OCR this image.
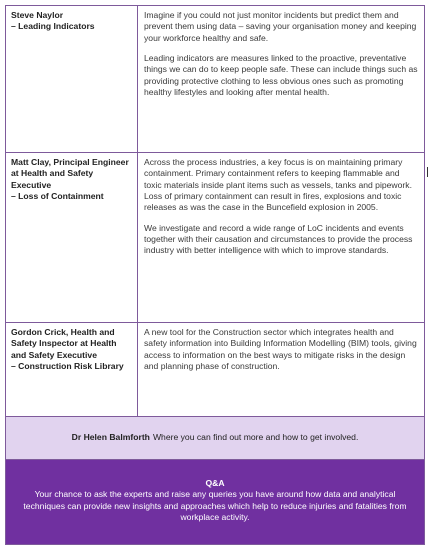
Steve Naylor
– Leading Indicators

Imagine if you could not just monitor incidents but predict them and prevent them using data – saving your organisation money and keeping your workforce healthy and safe.

Leading indicators are measures linked to the proactive, preventative things we can do to keep people safe. These can include things such as providing protective clothing to less obvious ones such as promoting healthy lifestyles and looking after mental health.

Matt Clay, Principal Engineer at Health and Safety Executive
– Loss of Containment

Across the process industries, a key focus is on maintaining primary containment. Primary containment refers to keeping flammable and toxic materials inside plant items such as vessels, tanks and pipework. Loss of primary containment can result in fires, explosions and toxic releases as was the case in the Buncefield explosion in 2005.

We investigate and record a wide range of LoC incidents and events together with their causation and circumstances to provide the process industry with better intelligence with which to improve standards.

Gordon Crick, Health and Safety Inspector at Health and Safety Executive
– Construction Risk Library

A new tool for the Construction sector which integrates health and safety information into Building Information Modelling (BIM) tools, giving access to information on the best ways to mitigate risks in the design and planning phase of construction.

Dr Helen Balmforth Where you can find out more and how to get involved.
Q&A
Your chance to ask the experts and raise any queries you have around how data and analytical techniques can provide new insights and approaches which help to reduce injuries and fatalities from workplace activity.
